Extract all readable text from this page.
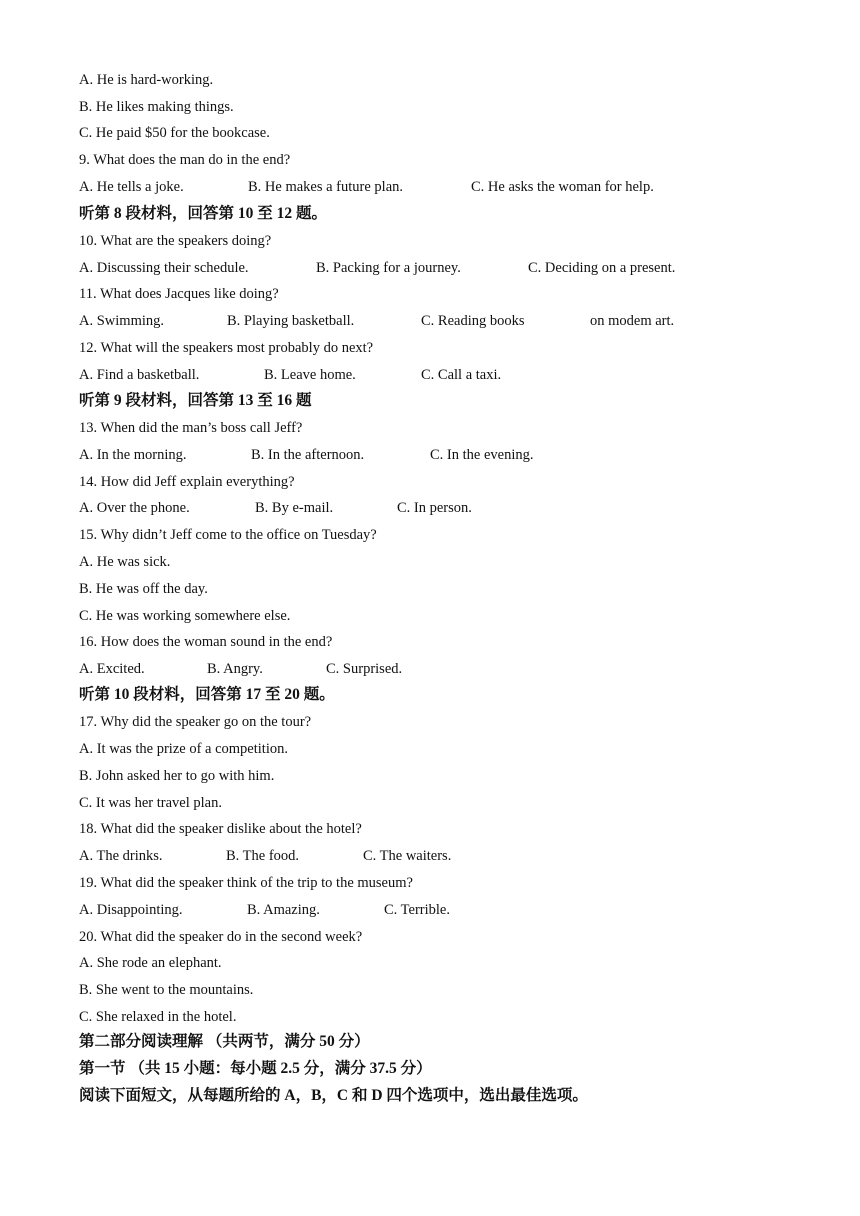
A. He is hard-working.
B. He likes making things.
C. He paid $50 for the bookcase.
9. What does the man do in the end?
A. He tells a joke.	B. He makes a future plan.	C. He asks the woman for help.
听第 8 段材料，回答第 10 至 12 题。
10. What are the speakers doing?
A. Discussing their schedule.	B. Packing for a journey.	C. Deciding on a present.
11. What does Jacques like doing?
A. Swimming.	B. Playing basketball.	C. Reading books	on modem art.
12. What will the speakers most probably do next?
A. Find a basketball.	B. Leave home.	C. Call a taxi.
听第 9 段材料，回答第 13 至 16 题
13. When did the man’s boss call Jeff?
A. In the morning.	B. In the afternoon.	C. In the evening.
14. How did Jeff explain everything?
A. Over the phone.	B. By e-mail.	C. In person.
15. Why didn’t Jeff come to the office on Tuesday?
A. He was sick.
B. He was off the day.
C. He was working somewhere else.
16. How does the woman sound in the end?
A. Excited.	B. Angry.	C. Surprised.
听第 10 段材料，回答第 17 至 20 题。
17. Why did the speaker go on the tour?
A. It was the prize of a competition.
B. John asked her to go with him.
C. It was her travel plan.
18. What did the speaker dislike about the hotel?
A. The drinks.	B. The food.	C. The waiters.
19. What did the speaker think of the trip to the museum?
A. Disappointing.	B. Amazing.	C. Terrible.
20. What did the speaker do in the second week?
A. She rode an elephant.
B. She went to the mountains.
C. She relaxed in the hotel.
第二部分阅读理解 （共两节，满分 50 分）
第一节 （共 15 小题：每小题 2.5 分，满分 37.5 分）
阅读下面短文，从每题所给的 A，B，C 和 D 四个选项中，选出最佳选项。
